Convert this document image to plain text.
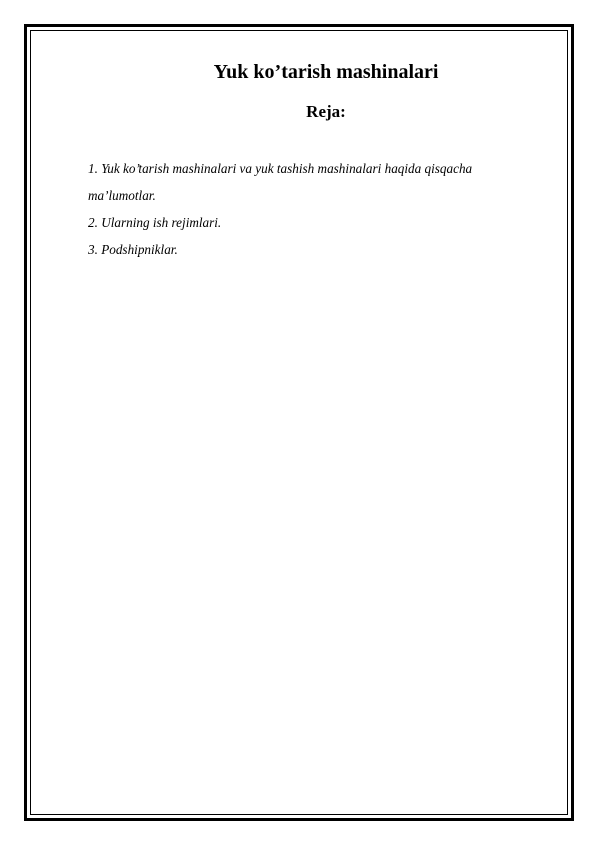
Yuk ko’tarish mashinalari
Reja:
1. Yuk ko’tarish mashinalari va yuk tashish mashinalari haqida qisqacha ma’lumotlar.
2. Ularning ish rejimlari.
3. Podshipniklar.
